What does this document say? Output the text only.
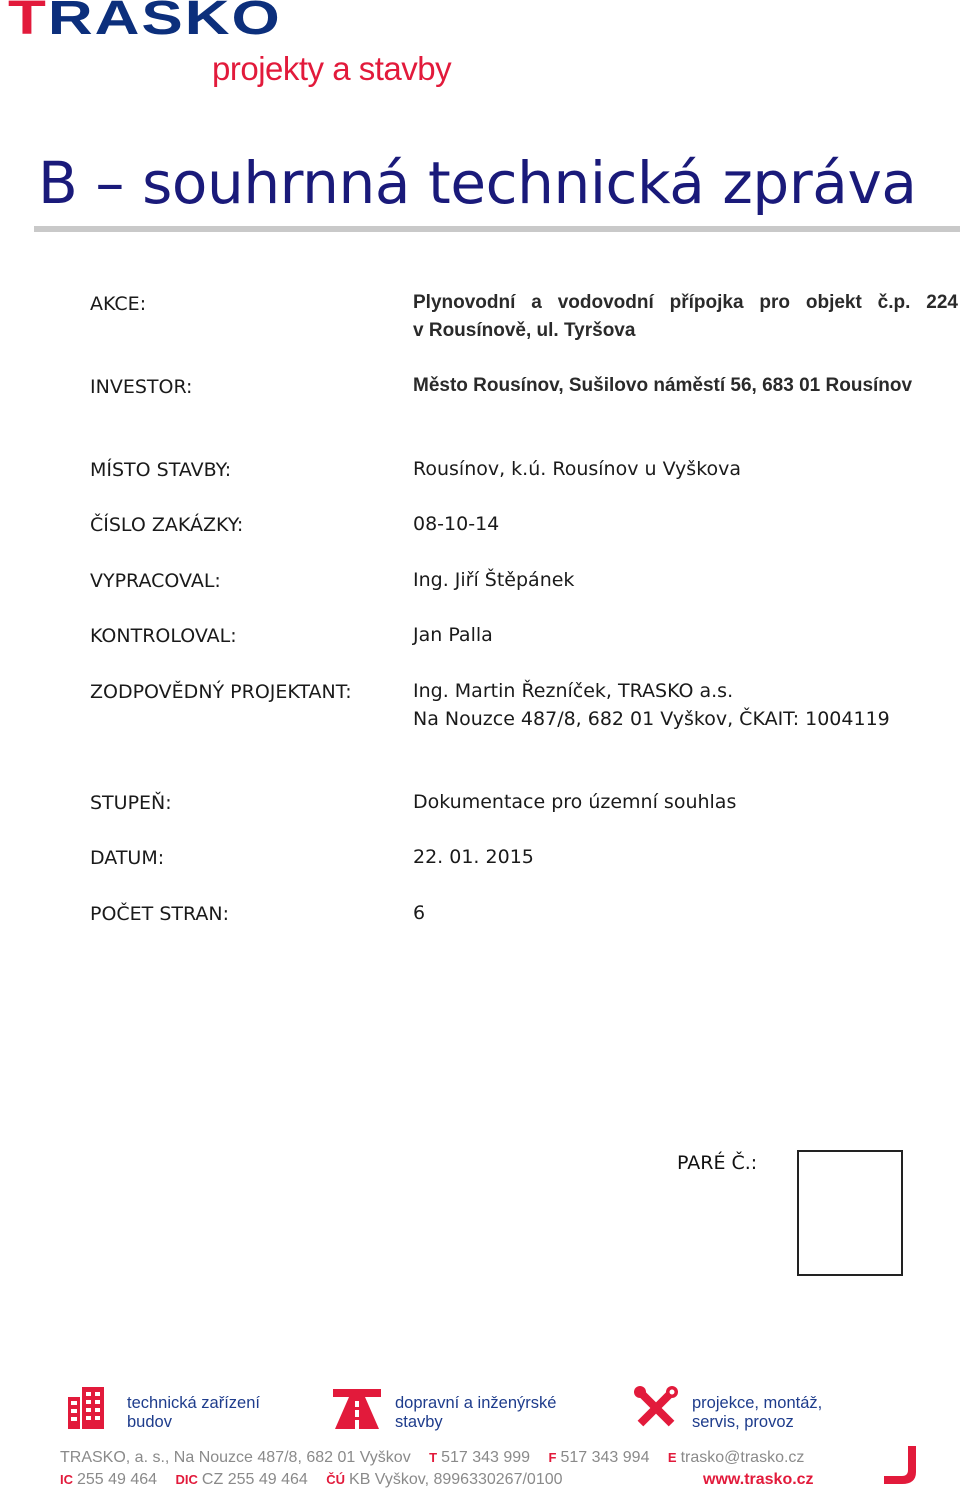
TRASKO
projekty a stavby
B – souhrnná technická zpráva
AKCE:	Plynovodní a vodovodní přípojka pro objekt č.p. 224
v Rousínově, ul. Tyršova
INVESTOR:	Město Rousínov, Sušilovo náměstí 56, 683 01 Rousínov
MÍSTO STAVBY:	Rousínov, k.ú. Rousínov u Vyškova
ČÍSLO ZAKÁZKY:	08-10-14
VYPRACOVAL:	Ing. Jiří Štěpánek
KONTROLOVAL:	Jan Palla
ZODPOVĚDNÝ PROJEKTANT:	Ing. Martin Řezníček, TRASKO a.s.
Na Nouzce 487/8, 682 01 Vyškov, ČKAIT: 1004119
STUPEŇ:	Dokumentace pro územní souhlas
DATUM:	22. 01. 2015
POČET STRAN:	6
PARÉ Č.:
technická zařízení
budov
dopravní a inženýrské
stavby
projekce, montáž,
servis, provoz
TRASKO, a. s., Na Nouzce 487/8, 682 01 Vyškov T 517 343 999 F 517 343 994 E trasko@trasko.cz
IC 255 49 464 DIC CZ 255 49 464 ČÚ KB Vyškov, 8996330267/0100	www.trasko.cz
